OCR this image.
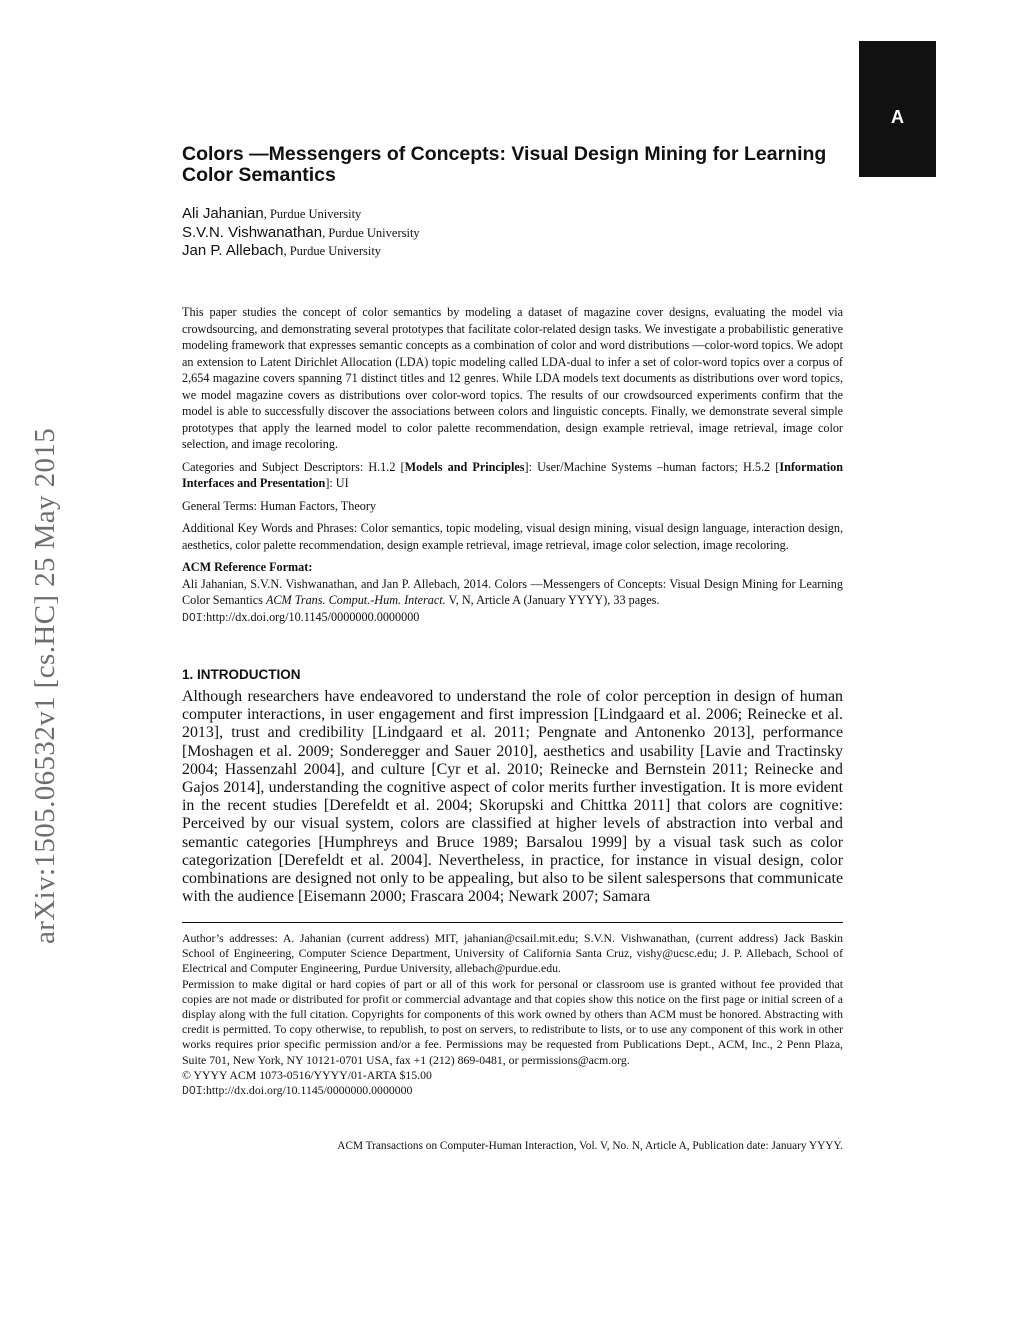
A
arXiv:1505.06532v1 [cs.HC] 25 May 2015
Colors —Messengers of Concepts: Visual Design Mining for Learning Color Semantics
Ali Jahanian, Purdue University
S.V.N. Vishwanathan, Purdue University
Jan P. Allebach, Purdue University

This paper studies the concept of color semantics by modeling a dataset of magazine cover designs, evaluating the model via crowdsourcing, and demonstrating several prototypes that facilitate color-related design tasks. We investigate a probabilistic generative modeling framework that expresses semantic concepts as a combination of color and word distributions —color-word topics. We adopt an extension to Latent Dirichlet Allocation (LDA) topic modeling called LDA-dual to infer a set of color-word topics over a corpus of 2,654 magazine covers spanning 71 distinct titles and 12 genres. While LDA models text documents as distributions over word topics, we model magazine covers as distributions over color-word topics. The results of our crowdsourced experiments confirm that the model is able to successfully discover the associations between colors and linguistic concepts. Finally, we demonstrate several simple prototypes that apply the learned model to color palette recommendation, design example retrieval, image retrieval, image color selection, and image recoloring.

Categories and Subject Descriptors: H.1.2 [Models and Principles]: User/Machine Systems –human factors; H.5.2 [Information Interfaces and Presentation]: UI

General Terms: Human Factors, Theory

Additional Key Words and Phrases: Color semantics, topic modeling, visual design mining, visual design language, interaction design, aesthetics, color palette recommendation, design example retrieval, image retrieval, image color selection, image recoloring.

ACM Reference Format:
Ali Jahanian, S.V.N. Vishwanathan, and Jan P. Allebach, 2014. Colors —Messengers of Concepts: Visual Design Mining for Learning Color Semantics ACM Trans. Comput.-Hum. Interact. V, N, Article A (January YYYY), 33 pages.
DOI:http://dx.doi.org/10.1145/0000000.0000000

1. INTRODUCTION

Although researchers have endeavored to understand the role of color perception in design of human computer interactions, in user engagement and first impression [Lindgaard et al. 2006; Reinecke et al. 2013], trust and credibility [Lindgaard et al. 2011; Pengnate and Antonenko 2013], performance [Moshagen et al. 2009; Sonderegger and Sauer 2010], aesthetics and usability [Lavie and Tractinsky 2004; Hassenzahl 2004], and culture [Cyr et al. 2010; Reinecke and Bernstein 2011; Reinecke and Gajos 2014], understanding the cognitive aspect of color merits further investigation. It is more evident in the recent studies [Derefeldt et al. 2004; Skorupski and Chittka 2011] that colors are cognitive: Perceived by our visual system, colors are classified at higher levels of abstraction into verbal and semantic categories [Humphreys and Bruce 1989; Barsalou 1999] by a visual task such as color categorization [Derefeldt et al. 2004]. Nevertheless, in practice, for instance in visual design, color combinations are designed not only to be appealing, but also to be silent salespersons that communicate with the audience [Eisemann 2000; Frascara 2004; Newark 2007; Samara

Author’s addresses: A. Jahanian (current address) MIT, jahanian@csail.mit.edu; S.V.N. Vishwanathan, (current address) Jack Baskin School of Engineering, Computer Science Department, University of California Santa Cruz, vishy@ucsc.edu; J. P. Allebach, School of Electrical and Computer Engineering, Purdue University, allebach@purdue.edu.

Permission to make digital or hard copies of part or all of this work for personal or classroom use is granted without fee provided that copies are not made or distributed for profit or commercial advantage and that copies show this notice on the first page or initial screen of a display along with the full citation. Copyrights for components of this work owned by others than ACM must be honored. Abstracting with credit is permitted. To copy otherwise, to republish, to post on servers, to redistribute to lists, or to use any component of this work in other works requires prior specific permission and/or a fee. Permissions may be requested from Publications Dept., ACM, Inc., 2 Penn Plaza, Suite 701, New York, NY 10121-0701 USA, fax +1 (212) 869-0481, or permissions@acm.org.

© YYYY ACM 1073-0516/YYYY/01-ARTA $15.00

DOI:http://dx.doi.org/10.1145/0000000.0000000

ACM Transactions on Computer-Human Interaction, Vol. V, No. N, Article A, Publication date: January YYYY.
